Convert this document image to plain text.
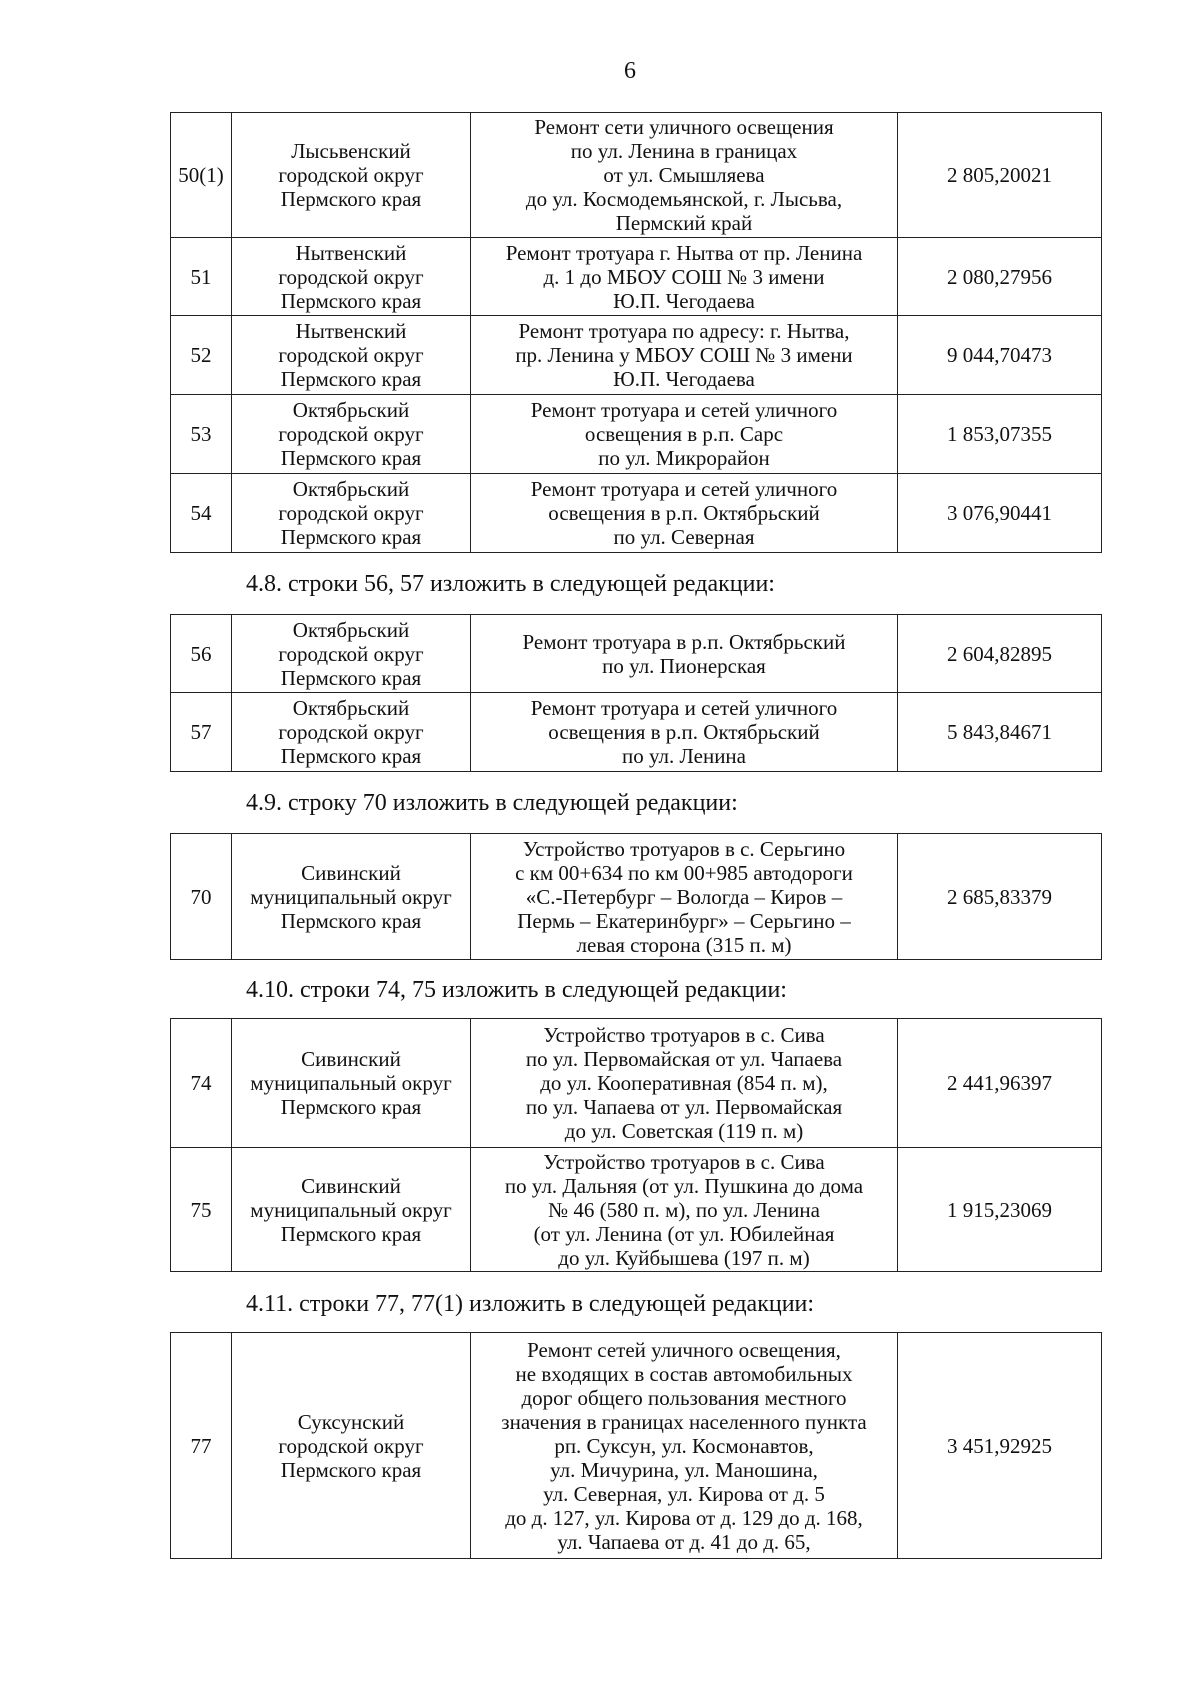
6
50(1)	Лысьвенский
городской округ
Пермского края	Ремонт сети уличного освещения
по ул. Ленина в границах
от ул. Смышляева
до ул. Космодемьянской, г. Лысьва,
Пермский край	2 805,20021
51	Нытвенский
городской округ
Пермского края	Ремонт тротуара г. Нытва от пр. Ленина
д. 1 до МБОУ СОШ № 3 имени
Ю.П. Чегодаева	2 080,27956
52	Нытвенский
городской округ
Пермского края	Ремонт тротуара по адресу: г. Нытва,
пр. Ленина у МБОУ СОШ № 3 имени
Ю.П. Чегодаева	9 044,70473
53	Октябрьский
городской округ
Пермского края	Ремонт тротуара и сетей уличного
освещения в р.п. Сарс
по ул. Микрорайон	1 853,07355
54	Октябрьский
городской округ
Пермского края	Ремонт тротуара и сетей уличного
освещения в р.п. Октябрьский
по ул. Северная	3 076,90441
4.8. строки 56, 57 изложить в следующей редакции:
56	Октябрьский
городской округ
Пермского края	Ремонт тротуара в р.п. Октябрьский
по ул. Пионерская	2 604,82895
57	Октябрьский
городской округ
Пермского края	Ремонт тротуара и сетей уличного
освещения в р.п. Октябрьский
по ул. Ленина	5 843,84671
4.9. строку 70 изложить в следующей редакции:
70	Сивинский
муниципальный округ
Пермского края	Устройство тротуаров в с. Серьгино
с км 00+634 по км 00+985 автодороги
«С.-Петербург – Вологда – Киров –
Пермь – Екатеринбург» – Серьгино –
левая сторона (315 п. м)	2 685,83379
4.10. строки 74, 75 изложить в следующей редакции:
74	Сивинский
муниципальный округ
Пермского края	Устройство тротуаров в с. Сива
по ул. Первомайская от ул. Чапаева
до ул. Кооперативная (854 п. м),
по ул. Чапаева от ул. Первомайская
до ул. Советская (119 п. м)	2 441,96397
75	Сивинский
муниципальный округ
Пермского края	Устройство тротуаров в с. Сива
по ул. Дальняя (от ул. Пушкина до дома
№ 46 (580 п. м), по ул. Ленина
(от ул. Ленина (от ул. Юбилейная
до ул. Куйбышева (197 п. м)	1 915,23069
4.11. строки 77, 77(1) изложить в следующей редакции:
77	Суксунский
городской округ
Пермского края	Ремонт сетей уличного освещения,
не входящих в состав автомобильных
дорог общего пользования местного
значения в границах населенного пункта
рп. Суксун, ул. Космонавтов,
ул. Мичурина, ул. Маношина,
ул. Северная, ул. Кирова от д. 5
до д. 127, ул. Кирова от д. 129 до д. 168,
ул. Чапаева от д. 41 до д. 65,	3 451,92925
